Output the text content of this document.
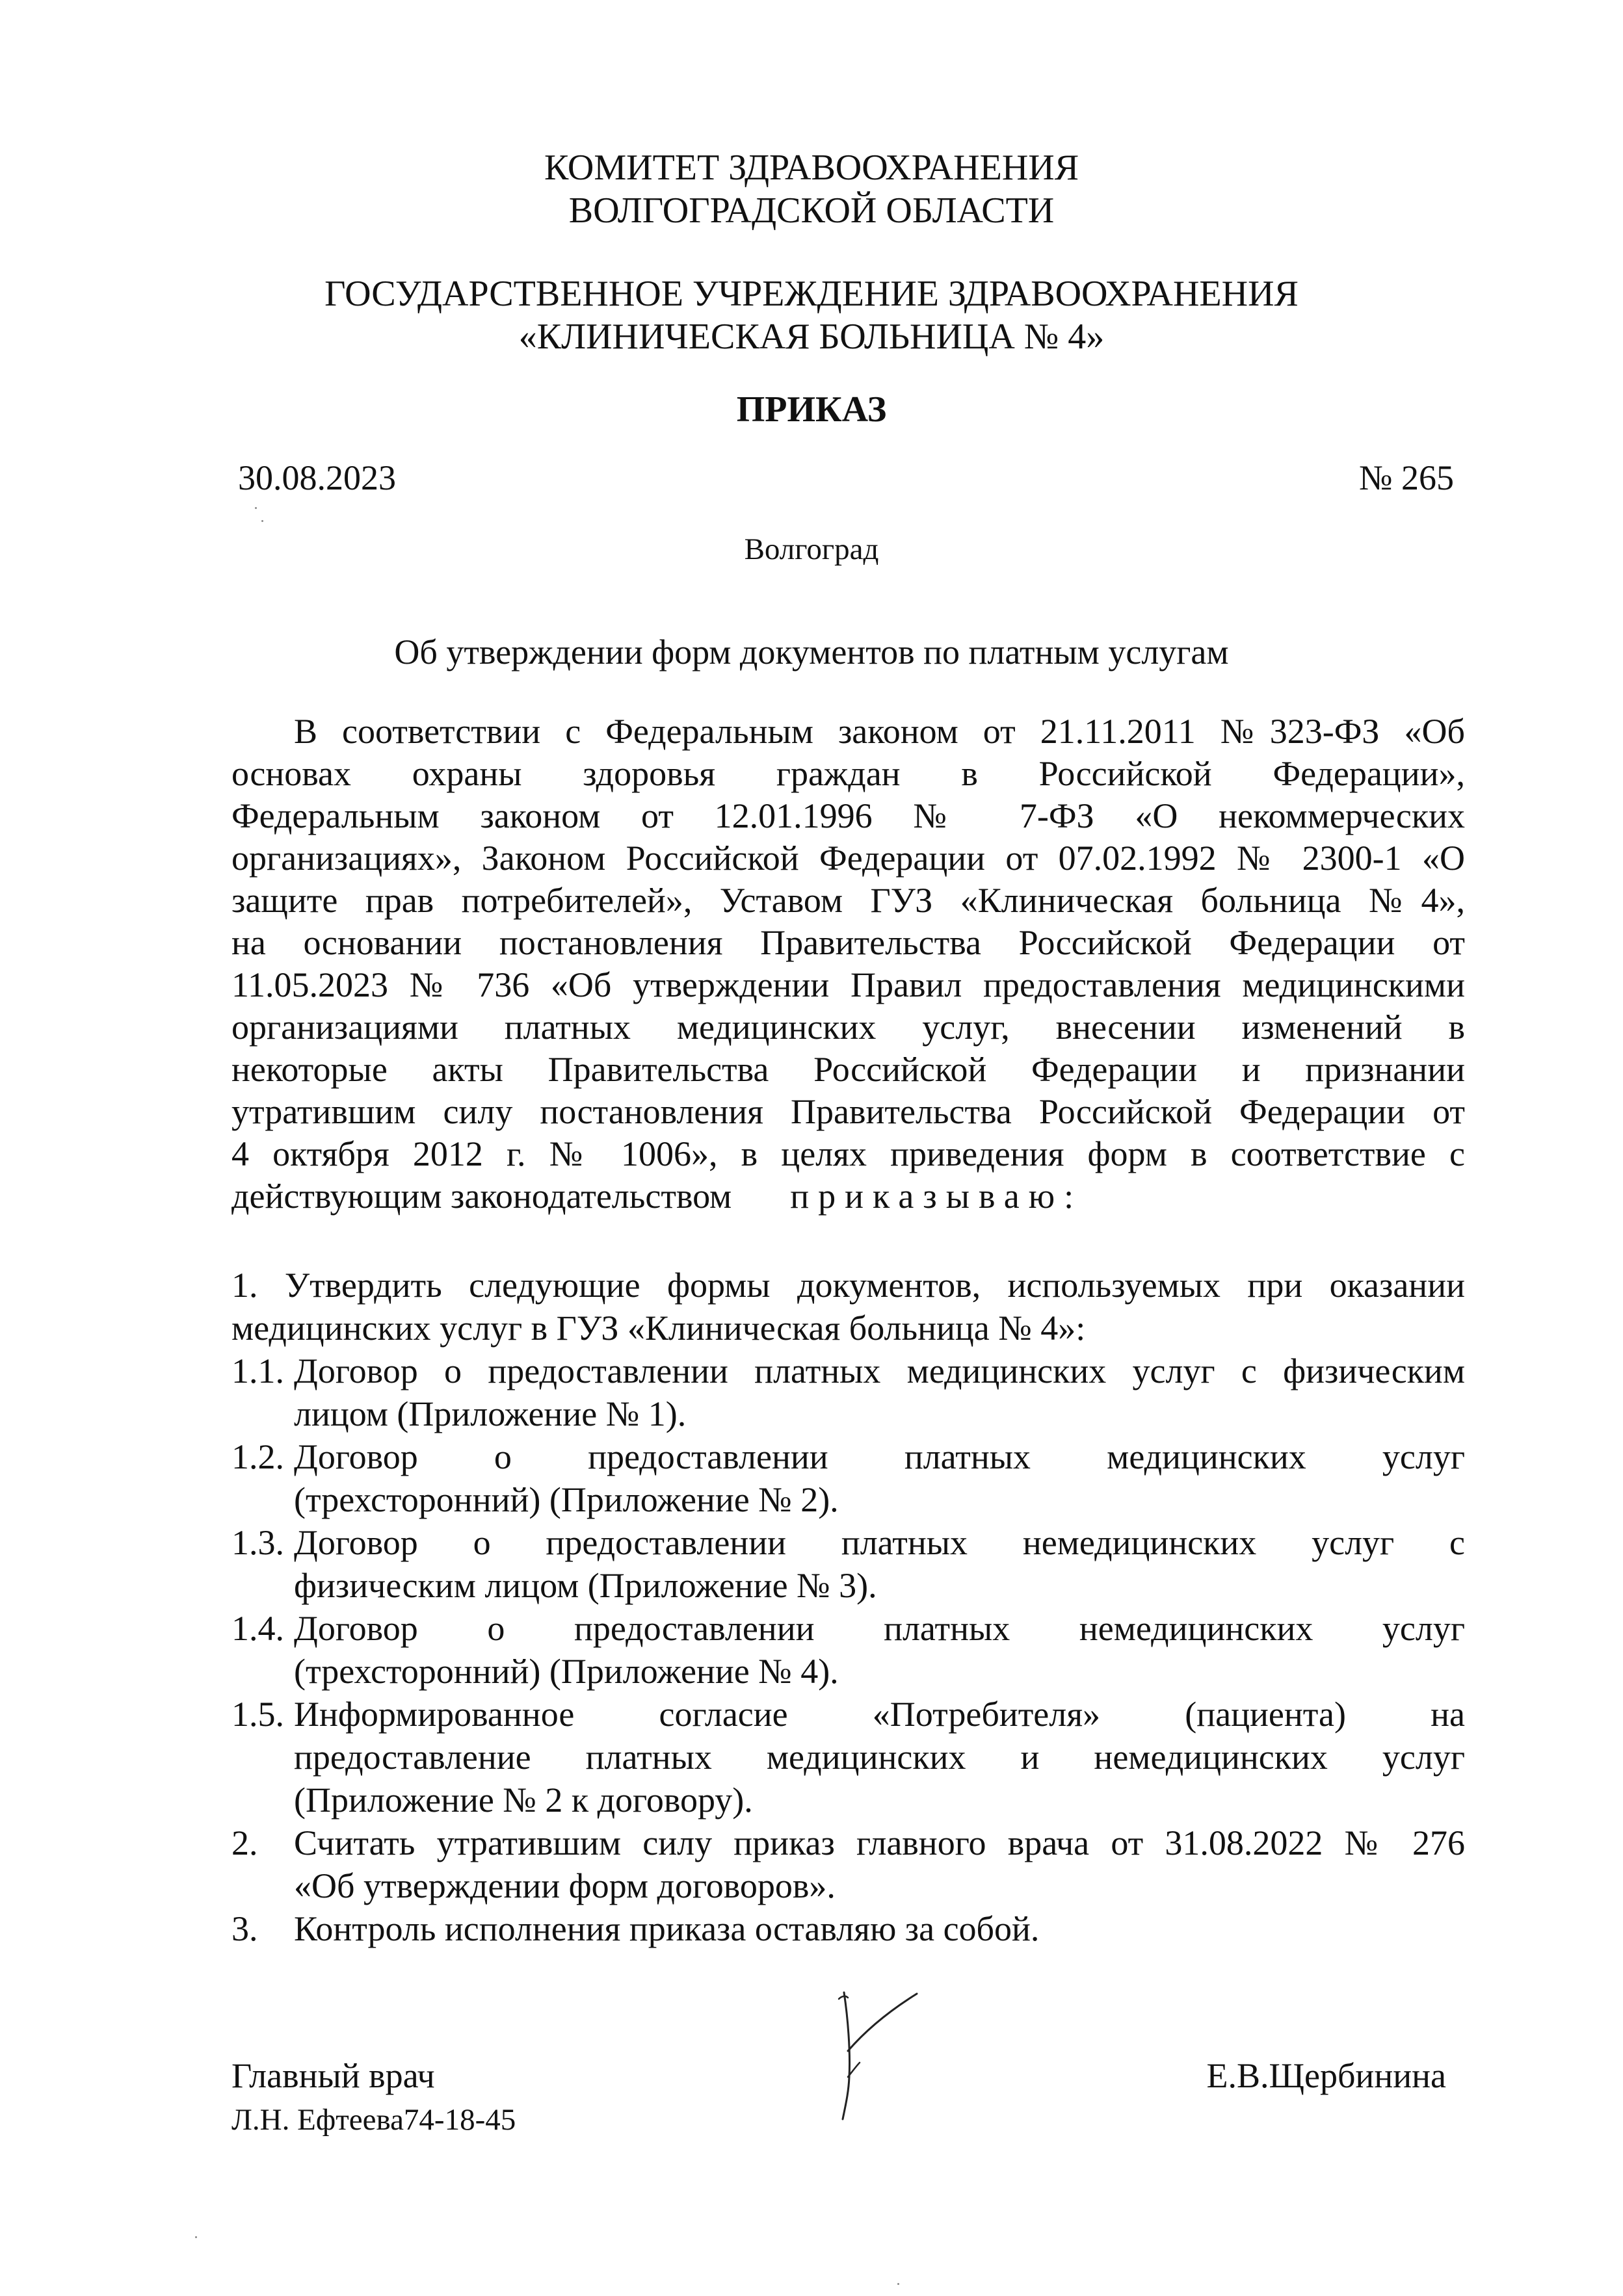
КОМИТЕТ ЗДРАВООХРАНЕНИЯ
ВОЛГОГРАДСКОЙ ОБЛАСТИ
ГОСУДАРСТВЕННОЕ УЧРЕЖДЕНИЕ ЗДРАВООХРАНЕНИЯ
«КЛИНИЧЕСКАЯ БОЛЬНИЦА № 4»
ПРИКАЗ
30.08.2023	№ 265
Волгоград
Об утверждении форм документов по платным услугам
В соответствии с Федеральным законом от 21.11.2011 №323-ФЗ «Об
основах охраны здоровья граждан в Российской Федерации»,
Федеральным законом от 12.01.1996 № 7-ФЗ «О некоммерческих
организациях», Законом Российской Федерации от 07.02.1992 № 2300-1 «О
защите прав потребителей», Уставом ГУЗ «Клиническая больница №4»,
на основании постановления Правительства Российской Федерации от
11.05.2023 № 736 «Об утверждении Правил предоставления медицинскими
организациями платных медицинских услуг, внесении изменений в
некоторые акты Правительства Российской Федерации и признании
утратившим силу постановления Правительства Российской Федерации от
4 октября 2012 г. № 1006», в целях приведения форм в соответствие с
действующим законодательством приказываю:
1. Утвердить следующие формы документов, используемых при оказании
медицинских услуг в ГУЗ «Клиническая больница № 4»:
1.1. Договор о предоставлении платных медицинских услуг с физическим
лицом (Приложение № 1).
1.2. Договор о предоставлении платных медицинских услуг
(трехсторонний) (Приложение № 2).
1.3. Договор о предоставлении платных немедицинских услуг с
физическим лицом (Приложение № 3).
1.4. Договор о предоставлении платных немедицинских услуг
(трехсторонний) (Приложение № 4).
1.5. Информированное согласие «Потребителя» (пациента) на
предоставление платных медицинских и немедицинских услуг
(Приложение № 2 к договору).
2. Считать утратившим силу приказ главного врача от 31.08.2022 № 276
«Об утверждении форм договоров».
3. Контроль исполнения приказа оставляю за собой.
Главный врач	Е.В.Щербинина
Л.Н. Ефтеева74-18-45
